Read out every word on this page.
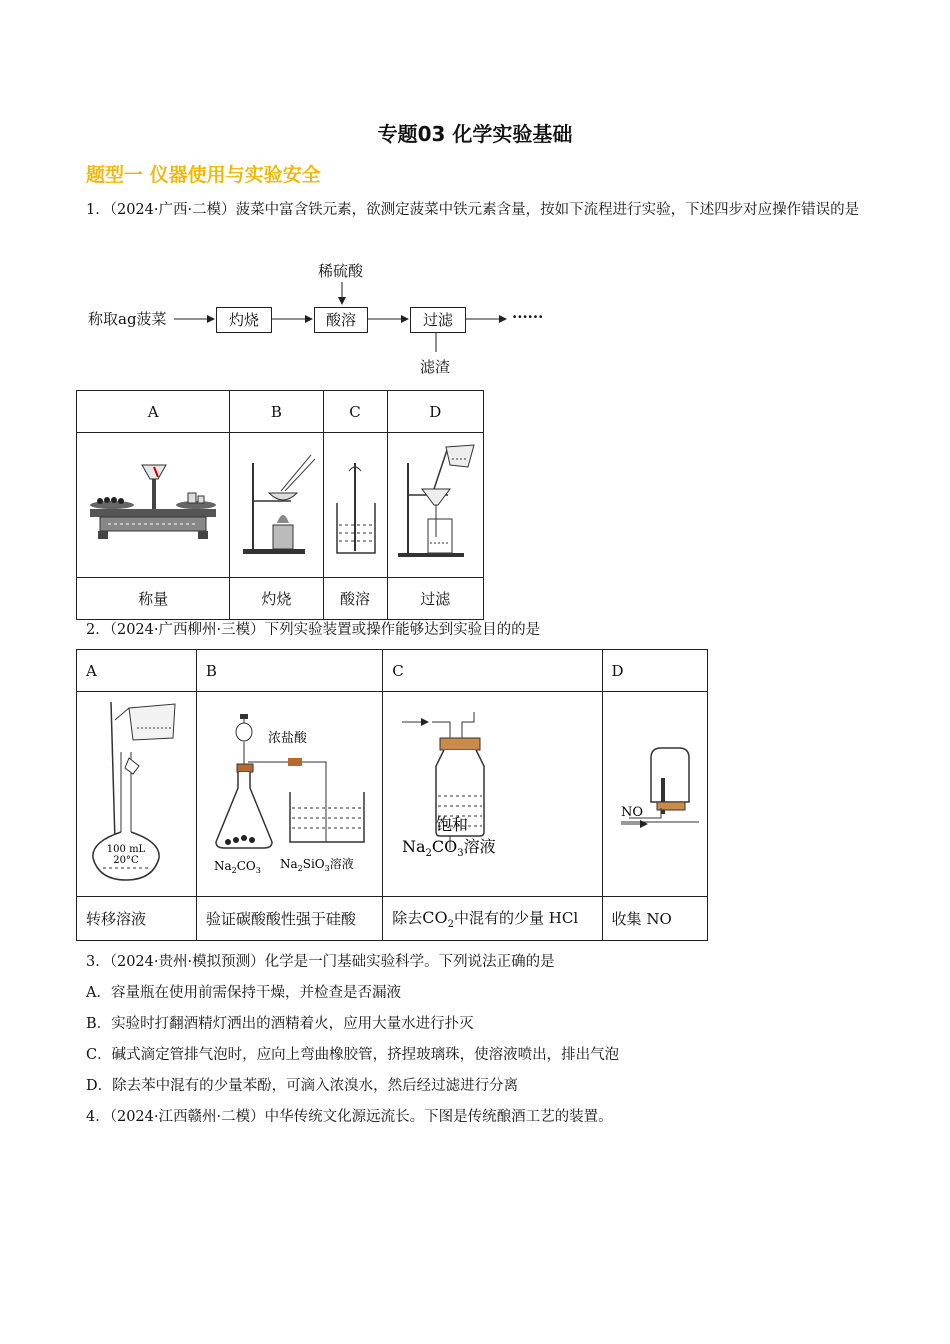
专题03 化学实验基础
题型一 仪器使用与实验安全
1．（2024·广西·二模）菠菜中富含铁元素，欲测定菠菜中铁元素含量，按如下流程进行实验，下述四步对应操作错误的是
称取ag菠菜	灼烧	酸溶	过滤
稀硫酸
滤渣
······
A	B	C	D

称量	灼烧	酸溶	过滤
2．（2024·广西柳州·三模）下列实验装置或操作能够达到实验目的的是
A	B	C	D

100 mL
20°C	浓盐酸
$Na_2CO_3$ $Na_2SiO_3$溶液	饱和
$Na_2CO_3$溶液	NO

转移溶液	验证碳酸酸性强于硅酸	除去$CO_2$中混有的少量 HCl	收集 NO
3．（2024·贵州·模拟预测）化学是一门基础实验科学。下列说法正确的是
A．容量瓶在使用前需保持干燥，并检查是否漏液
B．实验时打翻酒精灯洒出的酒精着火，应用大量水进行扑灭
C．碱式滴定管排气泡时，应向上弯曲橡胶管，挤捏玻璃珠，使溶液喷出，排出气泡
D．除去苯中混有的少量苯酚，可滴入浓溴水，然后经过滤进行分离
4．（2024·江西赣州·二模）中华传统文化源远流长。下图是传统酿酒工艺的装置。
